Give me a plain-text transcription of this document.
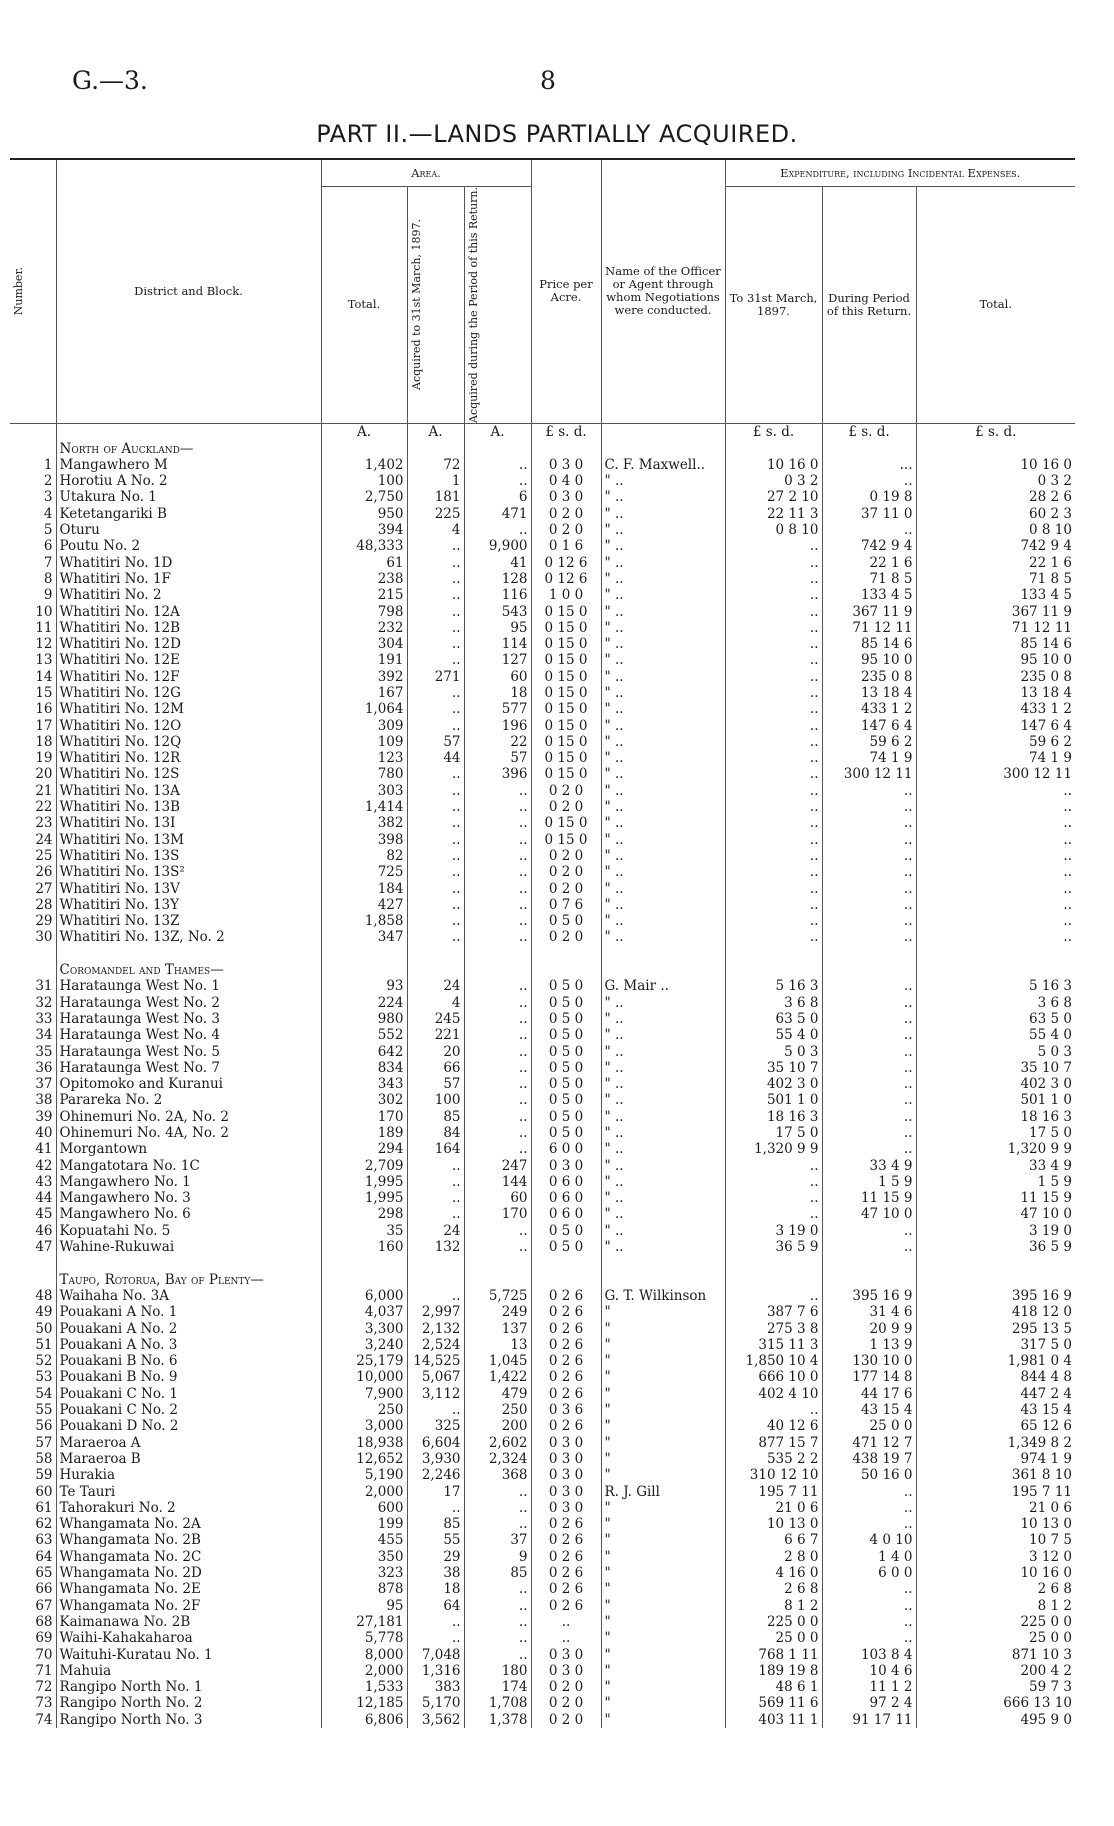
G.—3.	8
PART II.—LANDS PARTIALLY ACQUIRED.
Number.	District and Block.	Area.			Price per Acre.	Name of the Officer or Agent through whom Negotiations were conducted.	Expenditure, including Incidental Expenses.		
		Total.	Acquired to 31st March, 1897.	Acquired during the Period of this Return.			To 31st March, 1897.	During Period of this Return.	Total.
		A.	A.	A.	£ s. d.		£ s. d.	£ s. d.	£ s. d.
	North of Auckland—								
1	Mangawhero M	1,402	72	..	0 3 0	C. F. Maxwell..	10 16 0	...	10 16 0
2	Horotiu A No. 2	100	1	..	0 4 0	" ..	0 3 2	..	0 3 2
3	Utakura No. 1	2,750	181	6	0 3 0	" ..	27 2 10	0 19 8	28 2 6
4	Ketetangariki B	950	225	471	0 2 0	" ..	22 11 3	37 11 0	60 2 3
5	Oturu	394	4	..	0 2 0	" ..	0 8 10	..	0 8 10
6	Poutu No. 2	48,333	..	9,900	0 1 6	" ..	..	742 9 4	742 9 4
7	Whatitiri No. 1D	61	..	41	0 12 6	" ..	..	22 1 6	22 1 6
8	Whatitiri No. 1F	238	..	128	0 12 6	" ..	..	71 8 5	71 8 5
9	Whatitiri No. 2	215	..	116	1 0 0	" ..	..	133 4 5	133 4 5
10	Whatitiri No. 12A	798	..	543	0 15 0	" ..	..	367 11 9	367 11 9
11	Whatitiri No. 12B	232	..	95	0 15 0	" ..	..	71 12 11	71 12 11
12	Whatitiri No. 12D	304	..	114	0 15 0	" ..	..	85 14 6	85 14 6
13	Whatitiri No. 12E	191	..	127	0 15 0	" ..	..	95 10 0	95 10 0
14	Whatitiri No. 12F	392	271	60	0 15 0	" ..	..	235 0 8	235 0 8
15	Whatitiri No. 12G	167	..	18	0 15 0	" ..	..	13 18 4	13 18 4
16	Whatitiri No. 12M	1,064	..	577	0 15 0	" ..	..	433 1 2	433 1 2
17	Whatitiri No. 12O	309	..	196	0 15 0	" ..	..	147 6 4	147 6 4
18	Whatitiri No. 12Q	109	57	22	0 15 0	" ..	..	59 6 2	59 6 2
19	Whatitiri No. 12R	123	44	57	0 15 0	" ..	..	74 1 9	74 1 9
20	Whatitiri No. 12S	780	..	396	0 15 0	" ..	..	300 12 11	300 12 11
21	Whatitiri No. 13A	303	..	..	0 2 0	" ..	..	..	..
22	Whatitiri No. 13B	1,414	..	..	0 2 0	" ..	..	..	..
23	Whatitiri No. 13I	382	..	..	0 15 0	" ..	..	..	..
24	Whatitiri No. 13M	398	..	..	0 15 0	" ..	..	..	..
25	Whatitiri No. 13S	82	..	..	0 2 0	" ..	..	..	..
26	Whatitiri No. 13S²	725	..	..	0 2 0	" ..	..	..	..
27	Whatitiri No. 13V	184	..	..	0 2 0	" ..	..	..	..
28	Whatitiri No. 13Y	427	..	..	0 7 6	" ..	..	..	..
29	Whatitiri No. 13Z	1,858	..	..	0 5 0	" ..	..	..	..
30	Whatitiri No. 13Z, No. 2	347	..	..	0 2 0	" ..	..	..	..

	Coromandel and Thames—								
31	Harataunga West No. 1	93	24	..	0 5 0	G. Mair ..	5 16 3	..	5 16 3
32	Harataunga West No. 2	224	4	..	0 5 0	" ..	3 6 8	..	3 6 8
33	Harataunga West No. 3	980	245	..	0 5 0	" ..	63 5 0	..	63 5 0
34	Harataunga West No. 4	552	221	..	0 5 0	" ..	55 4 0	..	55 4 0
35	Harataunga West No. 5	642	20	..	0 5 0	" ..	5 0 3	..	5 0 3
36	Harataunga West No. 7	834	66	..	0 5 0	" ..	35 10 7	..	35 10 7
37	Opitomoko and Kuranui	343	57	..	0 5 0	" ..	402 3 0	..	402 3 0
38	Parareka No. 2	302	100	..	0 5 0	" ..	501 1 0	..	501 1 0
39	Ohinemuri No. 2A, No. 2	170	85	..	0 5 0	" ..	18 16 3	..	18 16 3
40	Ohinemuri No. 4A, No. 2	189	84	..	0 5 0	" ..	17 5 0	..	17 5 0
41	Morgantown	294	164	..	6 0 0	" ..	1,320 9 9	..	1,320 9 9
42	Mangatotara No. 1C	2,709	..	247	0 3 0	" ..	..	33 4 9	33 4 9
43	Mangawhero No. 1	1,995	..	144	0 6 0	" ..	..	1 5 9	1 5 9
44	Mangawhero No. 3	1,995	..	60	0 6 0	" ..	..	11 15 9	11 15 9
45	Mangawhero No. 6	298	..	170	0 6 0	" ..	..	47 10 0	47 10 0
46	Kopuatahi No. 5	35	24	..	0 5 0	" ..	3 19 0	..	3 19 0
47	Wahine-Rukuwai	160	132	..	0 5 0	" ..	36 5 9	..	36 5 9

	Taupo, Rotorua, Bay of Plenty—								
48	Waihaha No. 3A	6,000	..	5,725	0 2 6	G. T. Wilkinson	..	395 16 9	395 16 9
49	Pouakani A No. 1	4,037	2,997	249	0 2 6	"	387 7 6	31 4 6	418 12 0
50	Pouakani A No. 2	3,300	2,132	137	0 2 6	"	275 3 8	20 9 9	295 13 5
51	Pouakani A No. 3	3,240	2,524	13	0 2 6	"	315 11 3	1 13 9	317 5 0
52	Pouakani B No. 6	25,179	14,525	1,045	0 2 6	"	1,850 10 4	130 10 0	1,981 0 4
53	Pouakani B No. 9	10,000	5,067	1,422	0 2 6	"	666 10 0	177 14 8	844 4 8
54	Pouakani C No. 1	7,900	3,112	479	0 2 6	"	402 4 10	44 17 6	447 2 4
55	Pouakani C No. 2	250	..	250	0 3 6	"	..	43 15 4	43 15 4
56	Pouakani D No. 2	3,000	325	200	0 2 6	"	40 12 6	25 0 0	65 12 6
57	Maraeroa A	18,938	6,604	2,602	0 3 0	"	877 15 7	471 12 7	1,349 8 2
58	Maraeroa B	12,652	3,930	2,324	0 3 0	"	535 2 2	438 19 7	974 1 9
59	Hurakia	5,190	2,246	368	0 3 0	"	310 12 10	50 16 0	361 8 10
60	Te Tauri	2,000	17	..	0 3 0	R. J. Gill	195 7 11	..	195 7 11
61	Tahorakuri No. 2	600	..	..	0 3 0	"	21 0 6	..	21 0 6
62	Whangamata No. 2A	199	85	..	0 2 6	"	10 13 0	..	10 13 0
63	Whangamata No. 2B	455	55	37	0 2 6	"	6 6 7	4 0 10	10 7 5
64	Whangamata No. 2C	350	29	9	0 2 6	"	2 8 0	1 4 0	3 12 0
65	Whangamata No. 2D	323	38	85	0 2 6	"	4 16 0	6 0 0	10 16 0
66	Whangamata No. 2E	878	18	..	0 2 6	"	2 6 8	..	2 6 8
67	Whangamata No. 2F	95	64	..	0 2 6	"	8 1 2	..	8 1 2
68	Kaimanawa No. 2B	27,181	..	..	..	"	225 0 0	..	225 0 0
69	Waihi-Kahakaharoa	5,778	..	..	..	"	25 0 0	..	25 0 0
70	Waituhi-Kuratau No. 1	8,000	7,048	..	0 3 0	"	768 1 11	103 8 4	871 10 3
71	Mahuia	2,000	1,316	180	0 3 0	"	189 19 8	10 4 6	200 4 2
72	Rangipo North No. 1	1,533	383	174	0 2 0	"	48 6 1	11 1 2	59 7 3
73	Rangipo North No. 2	12,185	5,170	1,708	0 2 0	"	569 11 6	97 2 4	666 13 10
74	Rangipo North No. 3	6,806	3,562	1,378	0 2 0	"	403 11 1	91 17 11	495 9 0
